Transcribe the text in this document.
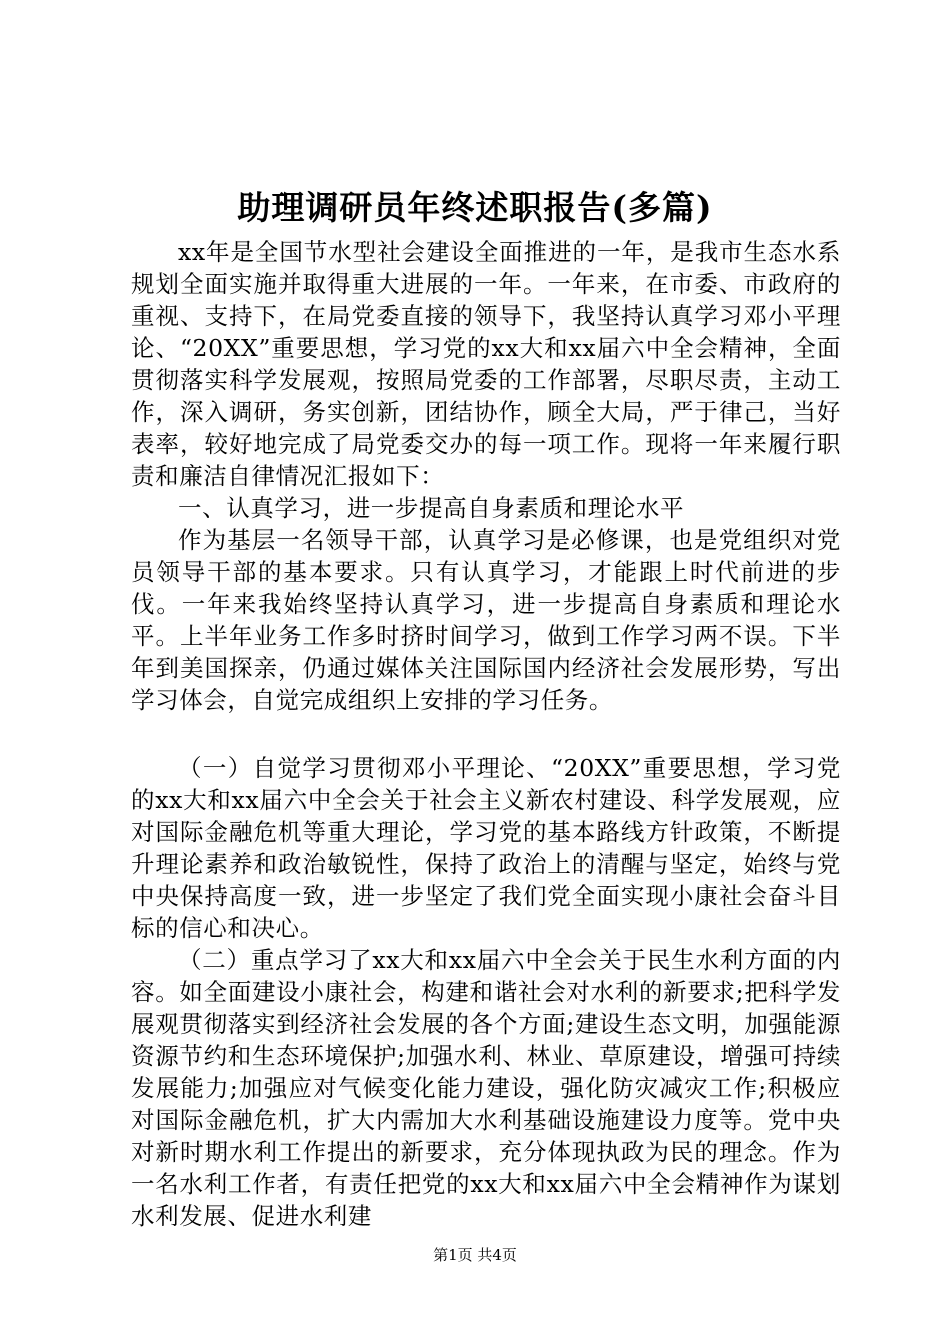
助理调研员年终述职报告(多篇)

xx年是全国节水型社会建设全面推进的一年，是我市生态水系规划全面实施并取得重大进展的一年。一年来，在市委、市政府的重视、支持下，在局党委直接的领导下，我坚持认真学习邓小平理论、“20XX”重要思想，学习党的xx大和xx届六中全会精神，全面贯彻落实科学发展观，按照局党委的工作部署，尽职尽责，主动工作，深入调研，务实创新，团结协作，顾全大局，严于律己，当好表率，较好地完成了局党委交办的每一项工作。现将一年来履行职责和廉洁自律情况汇报如下：

一、认真学习，进一步提高自身素质和理论水平

作为基层一名领导干部，认真学习是必修课，也是党组织对党员领导干部的基本要求。只有认真学习，才能跟上时代前进的步伐。一年来我始终坚持认真学习，进一步提高自身素质和理论水平。上半年业务工作多时挤时间学习，做到工作学习两不误。下半年到美国探亲，仍通过媒体关注国际国内经济社会发展形势，写出学习体会，自觉完成组织上安排的学习任务。

（一）自觉学习贯彻邓小平理论、“20XX”重要思想，学习党的xx大和xx届六中全会关于社会主义新农村建设、科学发展观，应对国际金融危机等重大理论，学习党的基本路线方针政策，不断提升理论素养和政治敏锐性，保持了政治上的清醒与坚定，始终与党中央保持高度一致，进一步坚定了我们党全面实现小康社会奋斗目标的信心和决心。

（二）重点学习了xx大和xx届六中全会关于民生水利方面的内容。如全面建设小康社会，构建和谐社会对水利的新要求;把科学发展观贯彻落实到经济社会发展的各个方面;建设生态文明，加强能源资源节约和生态环境保护;加强水利、林业、草原建设，增强可持续发展能力;加强应对气候变化能力建设，强化防灾减灾工作;积极应对国际金融危机，扩大内需加大水利基础设施建设力度等。党中央对新时期水利工作提出的新要求，充分体现执政为民的理念。作为一名水利工作者，有责任把党的xx大和xx届六中全会精神作为谋划水利发展、促进水利建

第1页 共4页
